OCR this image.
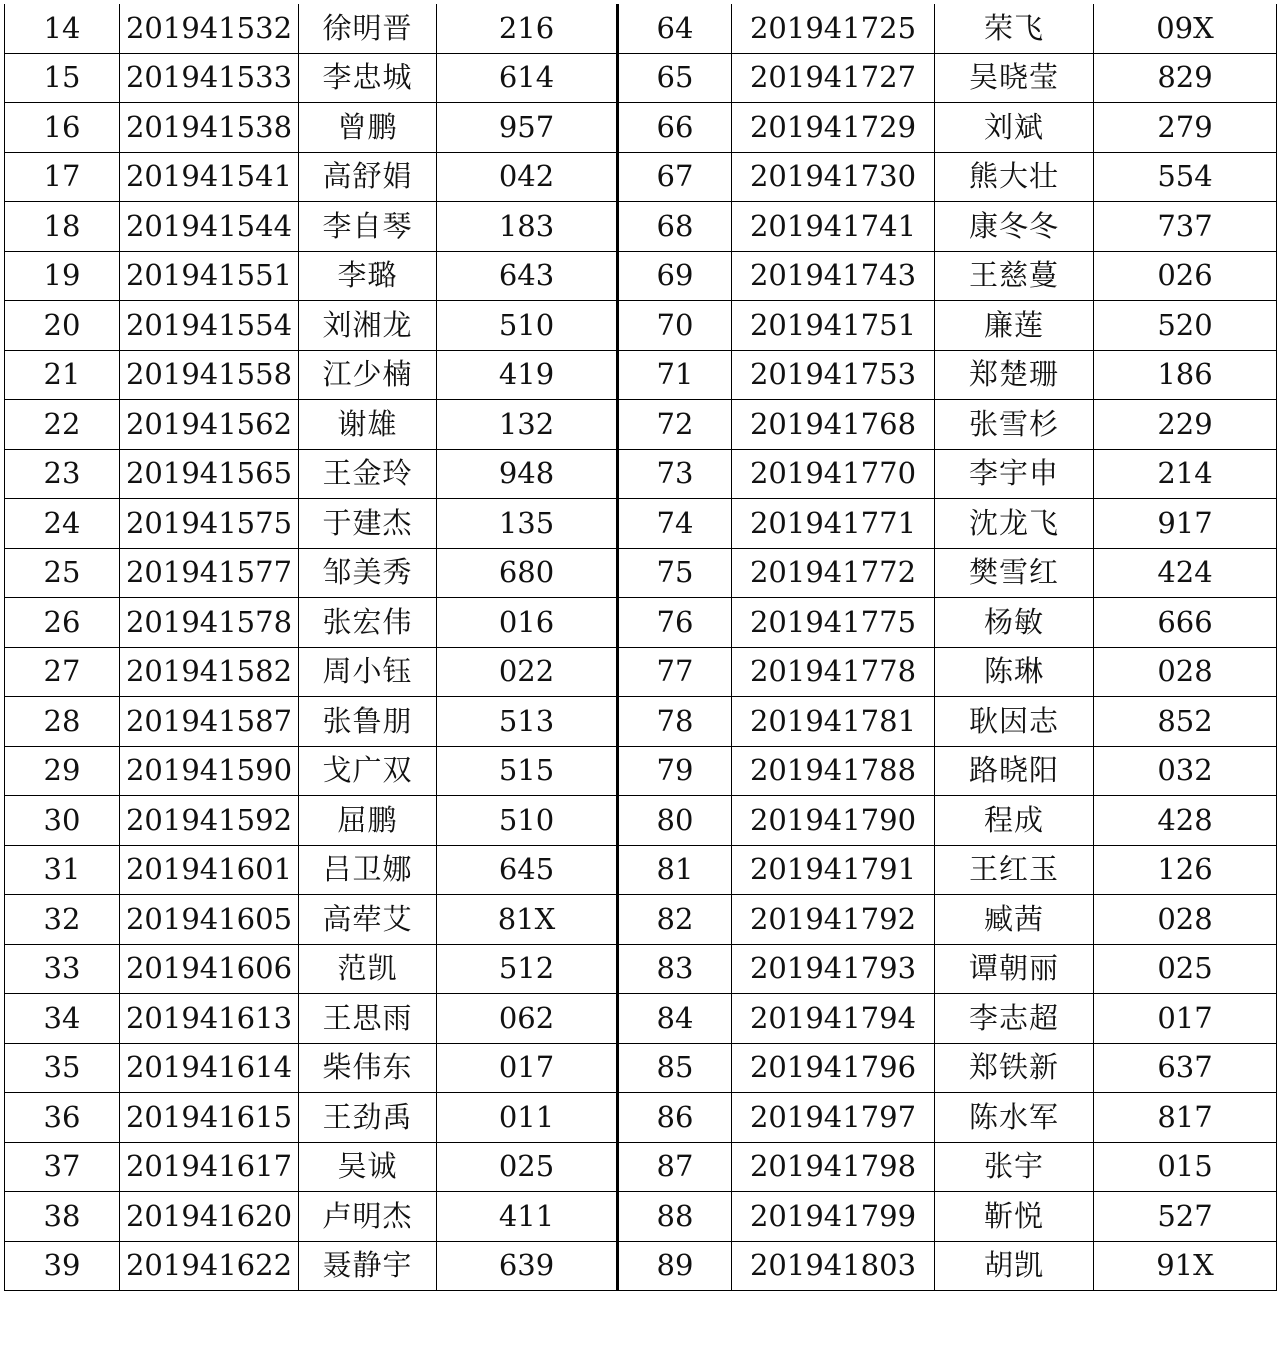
14	201941532	徐明晋	216	64	201941725	荣飞	09X
15	201941533	李忠城	614	65	201941727	吴晓莹	829
16	201941538	曾鹏	957	66	201941729	刘斌	279
17	201941541	高舒娟	042	67	201941730	熊大壮	554
18	201941544	李自琴	183	68	201941741	康冬冬	737
19	201941551	李璐	643	69	201941743	王慈蔓	026
20	201941554	刘湘龙	510	70	201941751	廉莲	520
21	201941558	江少楠	419	71	201941753	郑楚珊	186
22	201941562	谢雄	132	72	201941768	张雪杉	229
23	201941565	王金玲	948	73	201941770	李宇申	214
24	201941575	于建杰	135	74	201941771	沈龙飞	917
25	201941577	邹美秀	680	75	201941772	樊雪红	424
26	201941578	张宏伟	016	76	201941775	杨敏	666
27	201941582	周小钰	022	77	201941778	陈琳	028
28	201941587	张鲁朋	513	78	201941781	耿因志	852
29	201941590	戈广双	515	79	201941788	路晓阳	032
30	201941592	屈鹏	510	80	201941790	程成	428
31	201941601	吕卫娜	645	81	201941791	王红玉	126
32	201941605	高荦艾	81X	82	201941792	臧茜	028
33	201941606	范凯	512	83	201941793	谭朝丽	025
34	201941613	王思雨	062	84	201941794	李志超	017
35	201941614	柴伟东	017	85	201941796	郑铁新	637
36	201941615	王劲禹	011	86	201941797	陈水军	817
37	201941617	吴诚	025	87	201941798	张宇	015
38	201941620	卢明杰	411	88	201941799	靳悦	527
39	201941622	聂静宇	639	89	201941803	胡凯	91X
